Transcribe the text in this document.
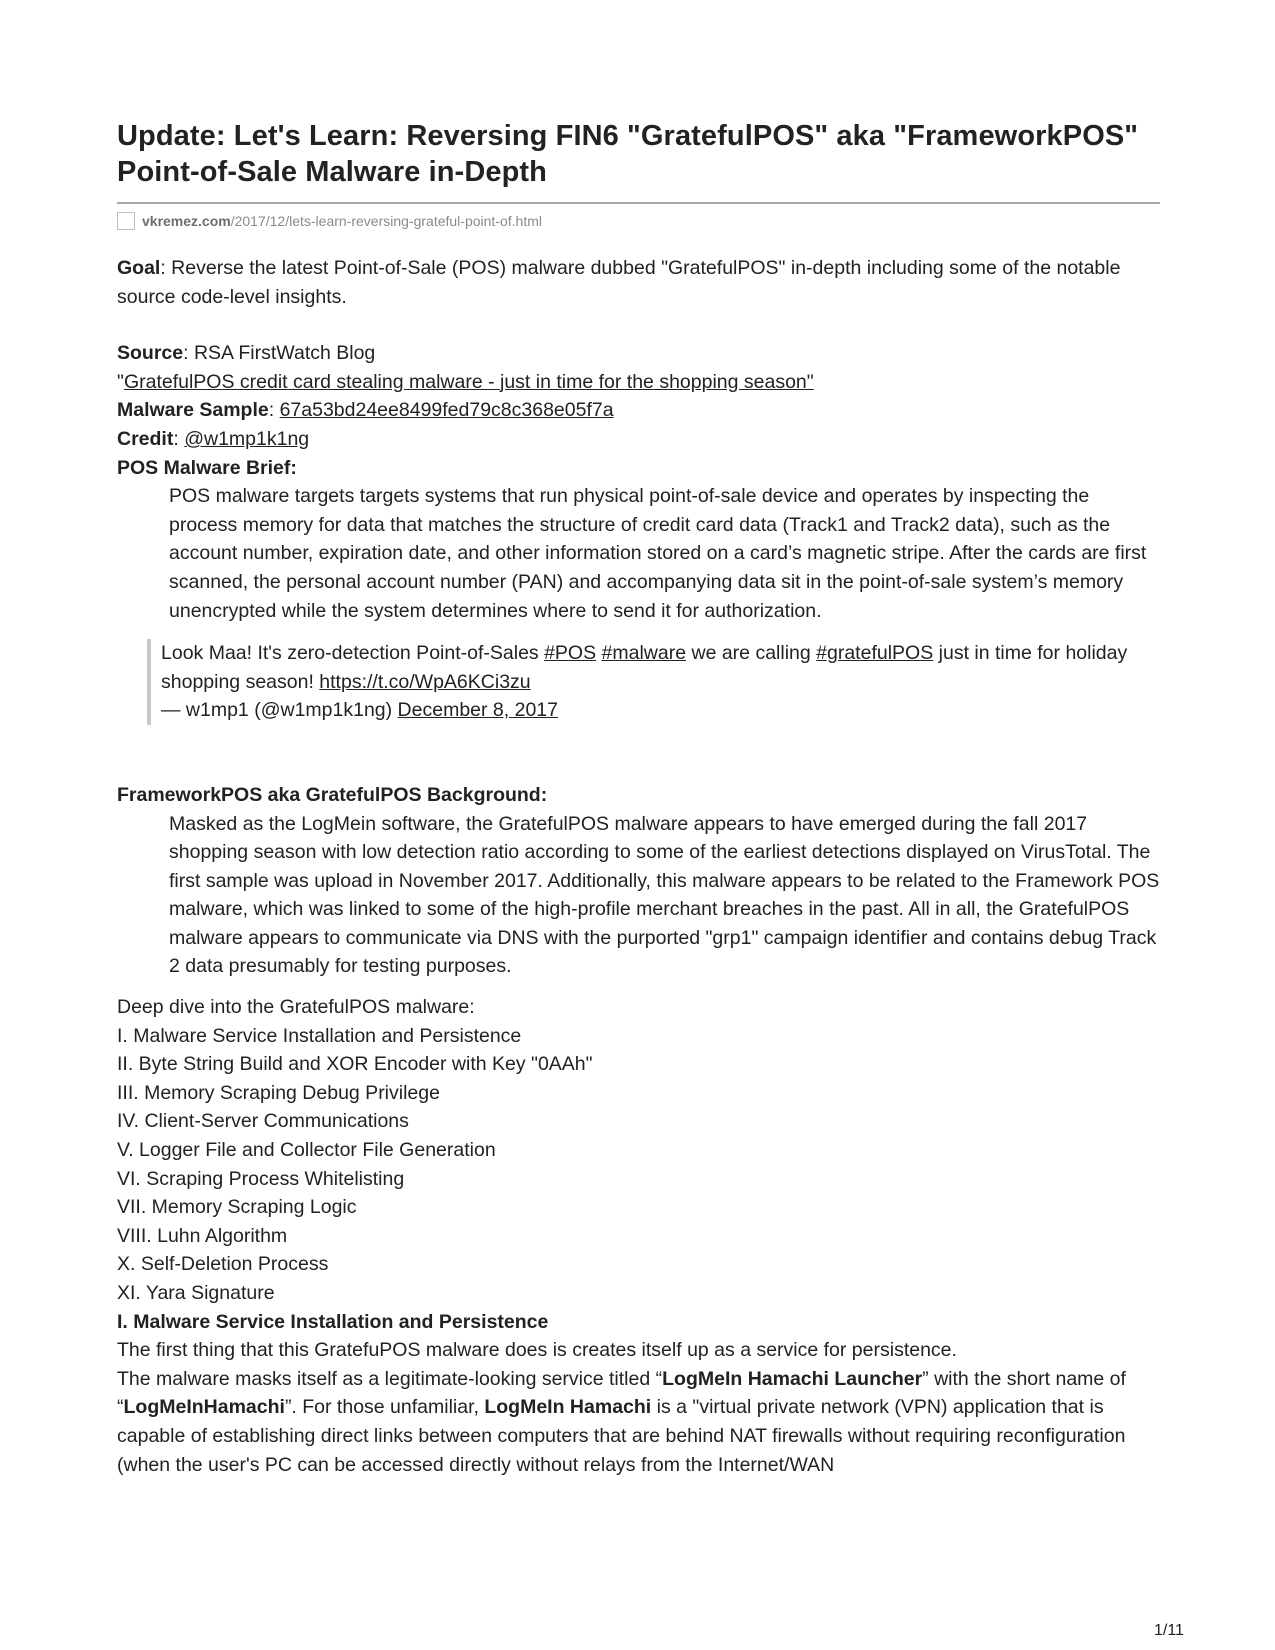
Update: Let's Learn: Reversing FIN6 "GratefulPOS" aka "FrameworkPOS" Point-of-Sale Malware in-Depth
vkremez.com /2017/12/lets-learn-reversing-grateful-point-of.html

Goal: Reverse the latest Point-of-Sale (POS) malware dubbed "GratefulPOS" in-depth including some of the notable source code-level insights.

Source: RSA FirstWatch Blog

"GratefulPOS credit card stealing malware - just in time for the shopping season"

Malware Sample: 67a53bd24ee8499fed79c8c368e05f7a

Credit: @w1mp1k1ng

POS Malware Brief:

POS malware targets targets systems that run physical point-of-sale device and operates by inspecting the process memory for data that matches the structure of credit card data (Track1 and Track2 data), such as the account number, expiration date, and other information stored on a card’s magnetic stripe. After the cards are first scanned, the personal account number (PAN) and accompanying data sit in the point-of-sale system’s memory unencrypted while the system determines where to send it for authorization.

Look Maa! It's zero-detection Point-of-Sales #POS #malware we are calling #gratefulPOS just in time for holiday shopping season! https://t.co/WpA6KCi3zu
— w1mp1 (@w1mp1k1ng) December 8, 2017

FrameworkPOS aka GratefulPOS Background:

Masked as the LogMein software, the GratefulPOS malware appears to have emerged during the fall 2017 shopping season with low detection ratio according to some of the earliest detections displayed on VirusTotal. The first sample was upload in November 2017. Additionally, this malware appears to be related to the Framework POS malware, which was linked to some of the high-profile merchant breaches in the past. All in all, the GratefulPOS malware appears to communicate via DNS with the purported "grp1" campaign identifier and contains debug Track 2 data presumably for testing purposes.

Deep dive into the GratefulPOS malware:

I. Malware Service Installation and Persistence

II. Byte String Build and XOR Encoder with Key "0AAh"

III. Memory Scraping Debug Privilege

IV. Client-Server Communications

V. Logger File and Collector File Generation

VI. Scraping Process Whitelisting

VII. Memory Scraping Logic

VIII. Luhn Algorithm

X. Self-Deletion Process

XI. Yara Signature

I. Malware Service Installation and Persistence

The first thing that this GratefuPOS malware does is creates itself up as a service for persistence.

The malware masks itself as a legitimate-looking service titled “LogMeIn Hamachi Launcher” with the short name of “LogMeInHamachi”. For those unfamiliar, LogMeIn Hamachi is a "virtual private network (VPN) application that is capable of establishing direct links between computers that are behind NAT firewalls without requiring reconfiguration (when the user's PC can be accessed directly without relays from the Internet/WAN

1/11
